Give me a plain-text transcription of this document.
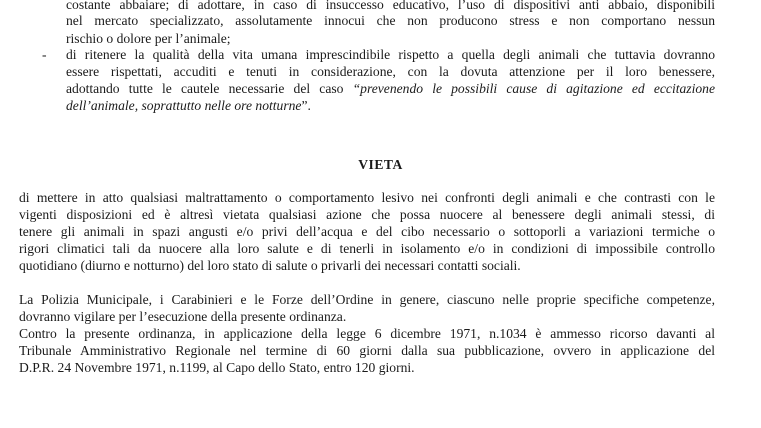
costante abbaiare; di adottare, in caso di insuccesso educativo, l’uso di dispositivi anti abbaio, disponibili
nel mercato specializzato, assolutamente innocui che non producono stress e non comportano nessun
rischio o dolore per l’animale;
- di ritenere la qualità della vita umana imprescindibile rispetto a quella degli animali che tuttavia dovranno
essere rispettati, accuditi e tenuti in considerazione, con la dovuta attenzione per il loro benessere,
adottando tutte le cautele necessarie del caso “prevenendo le possibili cause di agitazione ed eccitazione
dell’animale, soprattutto nelle ore notturne”.
VIETA
di mettere in atto qualsiasi maltrattamento o comportamento lesivo nei confronti degli animali e che contrasti con le
vigenti disposizioni ed è altresì vietata qualsiasi azione che possa nuocere al benessere degli animali stessi, di
tenere gli animali in spazi angusti e/o privi dell’acqua e del cibo necessario o sottoporli a variazioni termiche o
rigori climatici tali da nuocere alla loro salute e di tenerli in isolamento e/o in condizioni di impossibile controllo
quotidiano (diurno e notturno) del loro stato di salute o privarli dei necessari contatti sociali.
La Polizia Municipale, i Carabinieri e le Forze dell’Ordine in genere, ciascuno nelle proprie specifiche competenze,
dovranno vigilare per l’esecuzione della presente ordinanza.
Contro la presente ordinanza, in applicazione della legge 6 dicembre 1971, n.1034 è ammesso ricorso davanti al
Tribunale Amministrativo Regionale nel termine di 60 giorni dalla sua pubblicazione, ovvero in applicazione del
D.P.R. 24 Novembre 1971, n.1199, al Capo dello Stato, entro 120 giorni.
